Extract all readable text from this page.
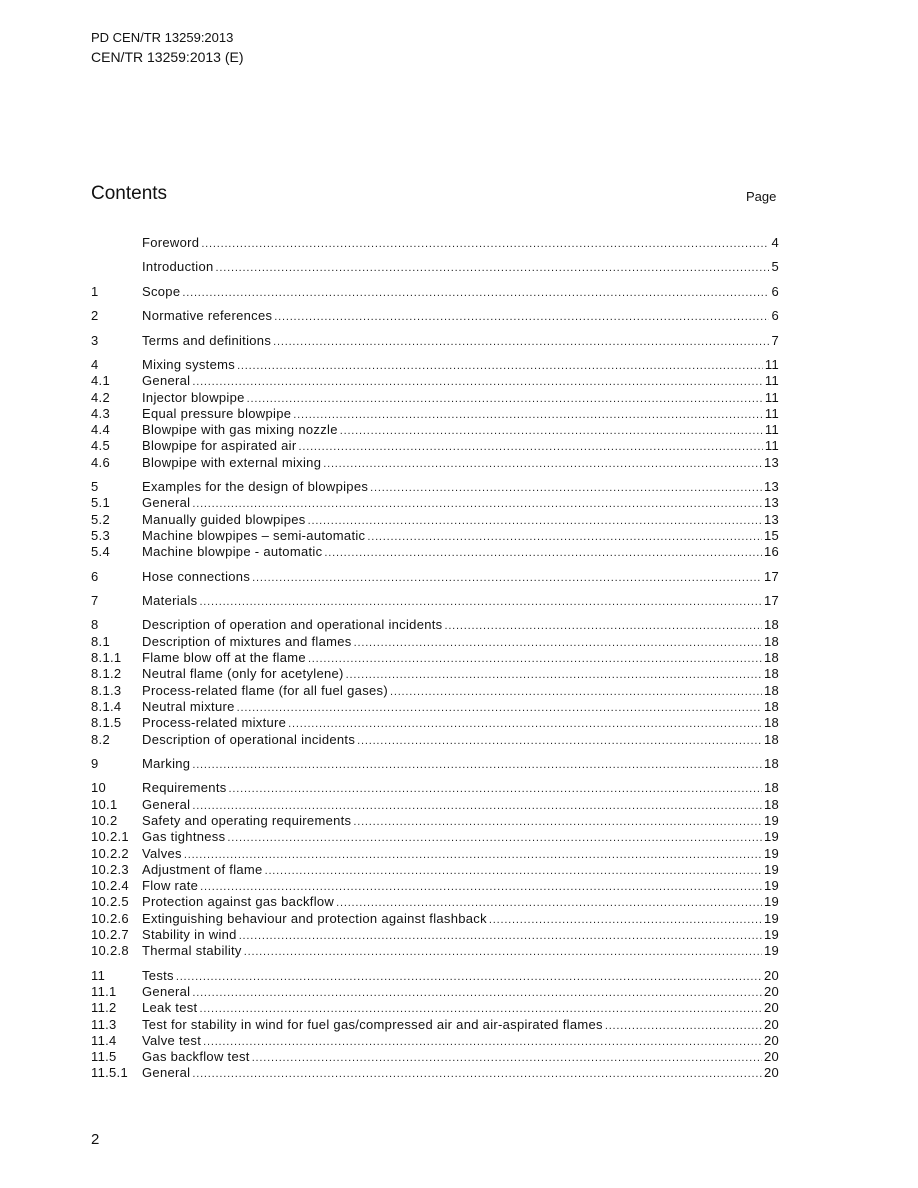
PD CEN/TR 13259:2013
CEN/TR 13259:2013 (E)
Contents	Page
Foreword .....	4
Introduction .....	5
1	Scope .....	6
2	Normative references .....	6
3	Terms and definitions .....	7
4	Mixing systems .....	11
4.1	General .....	11
4.2	Injector blowpipe .....	11
4.3	Equal pressure blowpipe .....	11
4.4	Blowpipe with gas mixing nozzle .....	11
4.5	Blowpipe for aspirated air .....	11
4.6	Blowpipe with external mixing .....	13
5	Examples for the design of blowpipes .....	13
5.1	General .....	13
5.2	Manually guided blowpipes .....	13
5.3	Machine blowpipes – semi-automatic .....	15
5.4	Machine blowpipe - automatic .....	16
6	Hose connections .....	17
7	Materials .....	17
8	Description of operation and operational incidents .....	18
8.1	Description of mixtures and flames .....	18
8.1.1	Flame blow off at the flame .....	18
8.1.2	Neutral flame (only for acetylene) .....	18
8.1.3	Process-related flame (for all fuel gases) .....	18
8.1.4	Neutral mixture .....	18
8.1.5	Process-related mixture .....	18
8.2	Description of operational incidents .....	18
9	Marking .....	18
10	Requirements .....	18
10.1	General .....	18
10.2	Safety and operating requirements .....	19
10.2.1	Gas tightness .....	19
10.2.2	Valves .....	19
10.2.3	Adjustment of flame .....	19
10.2.4	Flow rate .....	19
10.2.5	Protection against gas backflow .....	19
10.2.6	Extinguishing behaviour and protection against flashback .....	19
10.2.7	Stability in wind .....	19
10.2.8	Thermal stability .....	19
11	Tests .....	20
11.1	General .....	20
11.2	Leak test .....	20
11.3	Test for stability in wind for fuel gas/compressed air and air-aspirated flames .....	20
11.4	Valve test .....	20
11.5	Gas backflow test .....	20
11.5.1	General .....	20
2
